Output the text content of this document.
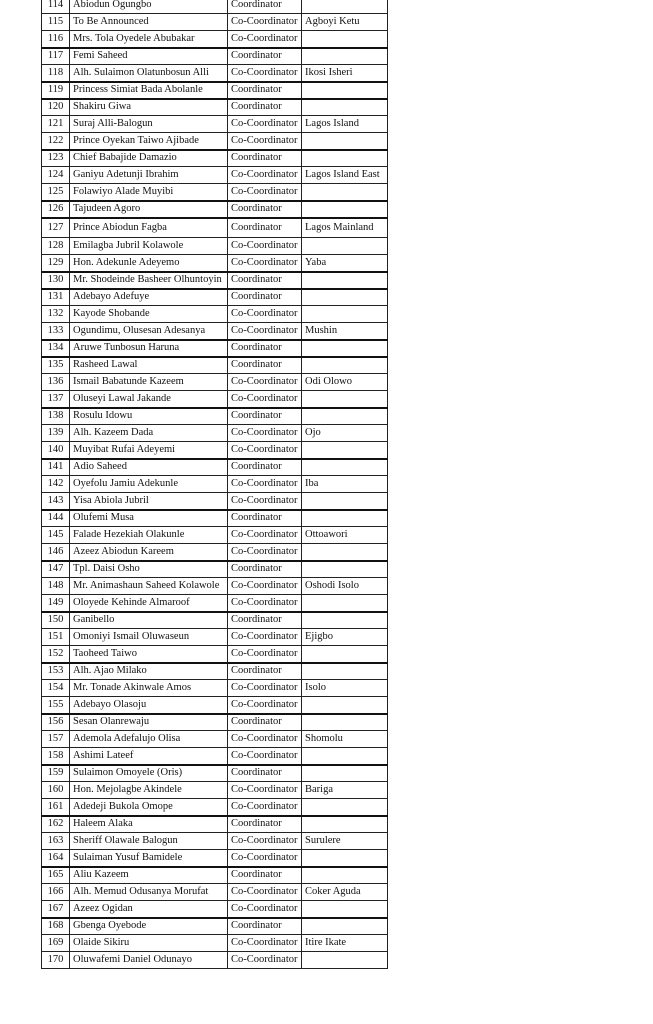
114	Abiodun Ogungbo	Coordinator	
115	To Be Announced	Co-Coordinator	Agboyi Ketu
116	Mrs. Tola Oyedele Abubakar	Co-Coordinator	
117	Femi Saheed	Coordinator	
118	Alh. Sulaimon Olatunbosun Alli	Co-Coordinator	Ikosi Isheri
119	Princess Simiat Bada Abolanle	Coordinator	
120	Shakiru Giwa	Coordinator	
121	Suraj Alli-Balogun	Co-Coordinator	Lagos Island
122	Prince Oyekan Taiwo Ajibade	Co-Coordinator	
123	Chief Babajide Damazio	Coordinator	
124	Ganiyu Adetunji Ibrahim	Co-Coordinator	Lagos Island East
125	Folawiyo Alade Muyibi	Co-Coordinator	
126	Tajudeen Agoro	Coordinator	
127	Prince Abiodun Fagba	Coordinator	Lagos Mainland
128	Emilagba Jubril Kolawole	Co-Coordinator	
129	Hon. Adekunle Adeyemo	Co-Coordinator	Yaba
130	Mr. Shodeinde Basheer Olhuntoyin	Coordinator	
131	Adebayo Adefuye	Coordinator	
132	Kayode Shobande	Co-Coordinator	
133	Ogundimu, Olusesan Adesanya	Co-Coordinator	Mushin
134	Aruwe Tunbosun Haruna	Coordinator	
135	Rasheed Lawal	Coordinator	
136	Ismail Babatunde Kazeem	Co-Coordinator	Odi Olowo
137	Oluseyi Lawal Jakande	Co-Coordinator	
138	Rosulu Idowu	Coordinator	
139	Alh. Kazeem Dada	Co-Coordinator	Ojo
140	Muyibat Rufai Adeyemi	Co-Coordinator	
141	Adio Saheed	Coordinator	
142	Oyefolu Jamiu Adekunle	Co-Coordinator	Iba
143	Yisa Abiola Jubril	Co-Coordinator	
144	Olufemi Musa	Coordinator	
145	Falade Hezekiah Olakunle	Co-Coordinator	Ottoawori
146	Azeez Abiodun Kareem	Co-Coordinator	
147	Tpl. Daisi Osho	Coordinator	
148	Mr. Animashaun Saheed Kolawole	Co-Coordinator	Oshodi Isolo
149	Oloyede Kehinde Almaroof	Co-Coordinator	
150	Ganibello	Coordinator	
151	Omoniyi Ismail Oluwaseun	Co-Coordinator	Ejigbo
152	Taoheed Taiwo	Co-Coordinator	
153	Alh. Ajao Milako	Coordinator	
154	Mr. Tonade Akinwale Amos	Co-Coordinator	Isolo
155	Adebayo Olasoju	Co-Coordinator	
156	Sesan Olanrewaju	Coordinator	
157	Ademola Adefalujo Olisa	Co-Coordinator	Shomolu
158	Ashimi Lateef	Co-Coordinator	
159	Sulaimon Omoyele (Oris)	Coordinator	
160	Hon. Mejolagbe Akindele	Co-Coordinator	Bariga
161	Adedeji Bukola Omope	Co-Coordinator	
162	Haleem Alaka	Coordinator	
163	Sheriff Olawale Balogun	Co-Coordinator	Surulere
164	Sulaiman Yusuf Bamidele	Co-Coordinator	
165	Aliu Kazeem	Coordinator	
166	Alh. Memud Odusanya Morufat	Co-Coordinator	Coker Aguda
167	Azeez Ogidan	Co-Coordinator	
168	Gbenga Oyebode	Coordinator	
169	Olaide Sikiru	Co-Coordinator	Itire Ikate
170	Oluwafemi Daniel Odunayo	Co-Coordinator	
